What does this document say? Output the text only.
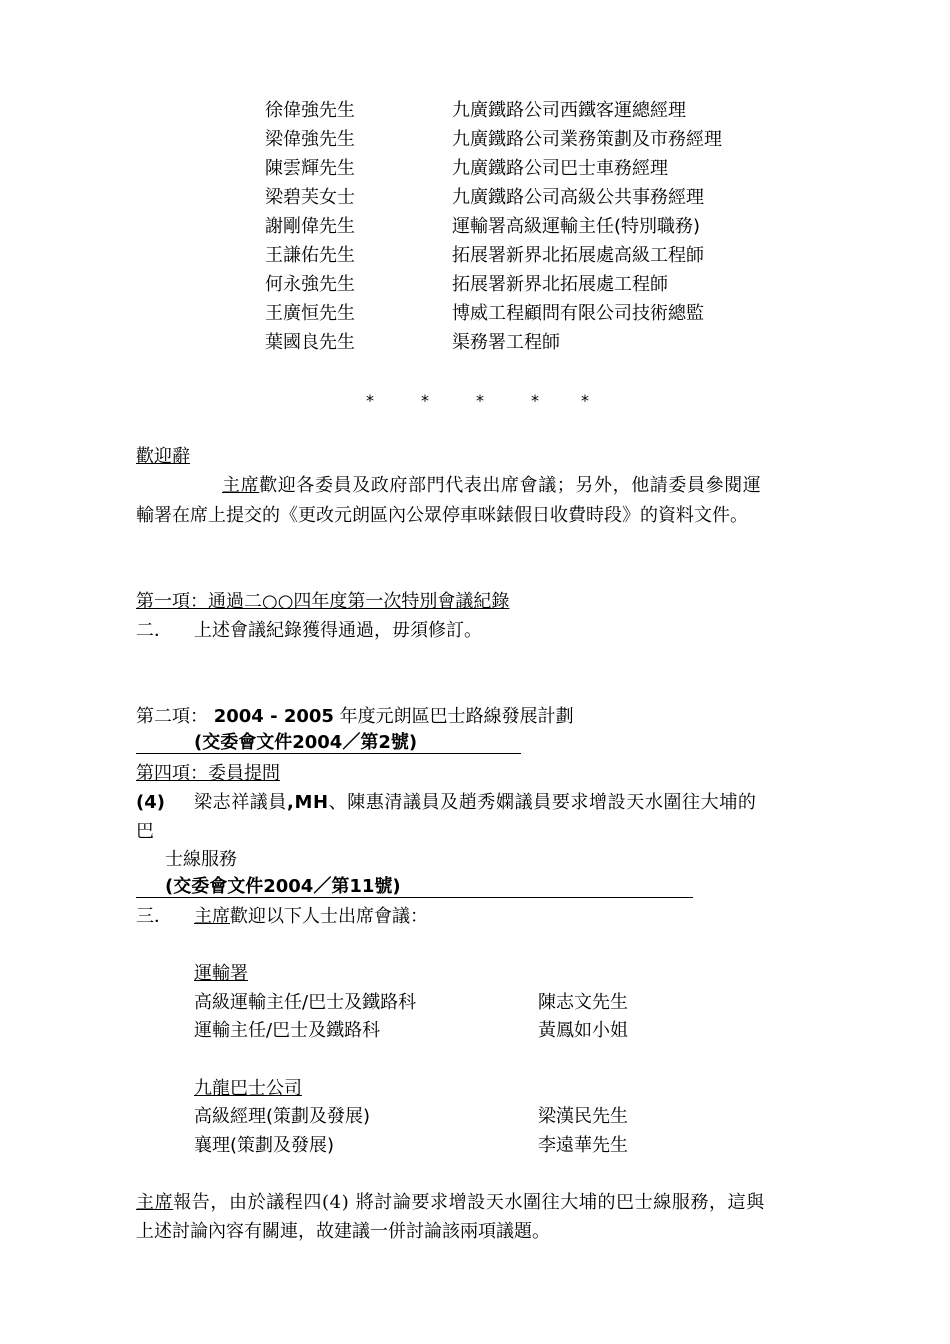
徐偉強先生	九廣鐵路公司西鐵客運總經理
梁偉強先生	九廣鐵路公司業務策劃及市務經理
陳雲輝先生	九廣鐵路公司巴士車務經理
梁碧芙女士	九廣鐵路公司高級公共事務經理
謝剛偉先生	運輸署高級運輸主任(特別職務)
王謙佑先生	拓展署新界北拓展處高級工程師
何永強先生	拓展署新界北拓展處工程師
王廣恒先生	博威工程顧問有限公司技術總監
葉國良先生	渠務署工程師
*	*	*	*	*
歡迎辭
主席歡迎各委員及政府部門代表出席會議；另外，他請委員參閱運
輸署在席上提交的《更改元朗區內公眾停車咪錶假日收費時段》的資料文件。
第一項：通過二○○四年度第一次特別會議紀錄
二． 上述會議紀錄獲得通過，毋須修訂。
第二項： 2004 - 2005 年度元朗區巴士路線發展計劃
(交委會文件2004／第2號)
第四項：委員提問
(4) 梁志祥議員,MH、陳惠清議員及趙秀嫻議員要求增設天水圍往大埔的
巴
士線服務
(交委會文件2004／第11號)
三． 主席歡迎以下人士出席會議：
運輸署
高級運輸主任/巴士及鐵路科	陳志文先生
運輸主任/巴士及鐵路科	黃鳳如小姐
九龍巴士公司
高級經理(策劃及發展)	梁漢民先生
襄理(策劃及發展)	李遠華先生
主席報告，由於議程四(4) 將討論要求增設天水圍往大埔的巴士線服務，這與
上述討論內容有關連，故建議一併討論該兩項議題。
